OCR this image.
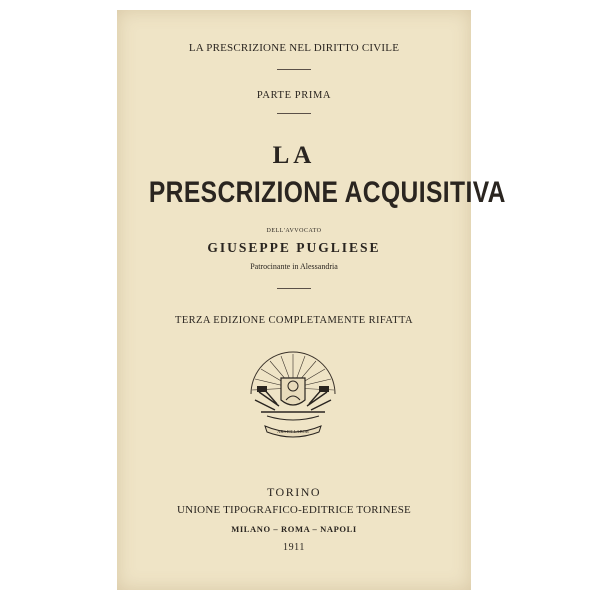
LA PRESCRIZIONE NEL DIRITTO CIVILE
PARTE PRIMA
LA
PRESCRIZIONE ACQUISITIVA
DELL'AVVOCATO
GIUSEPPE PUGLIESE
Patrocinante in Alessandria
TERZA EDIZIONE COMPLETAMENTE RIFATTA
ARS ET LABOR
TORINO
UNIONE TIPOGRAFICO-EDITRICE TORINESE
MILANO – ROMA – NAPOLI
1911
